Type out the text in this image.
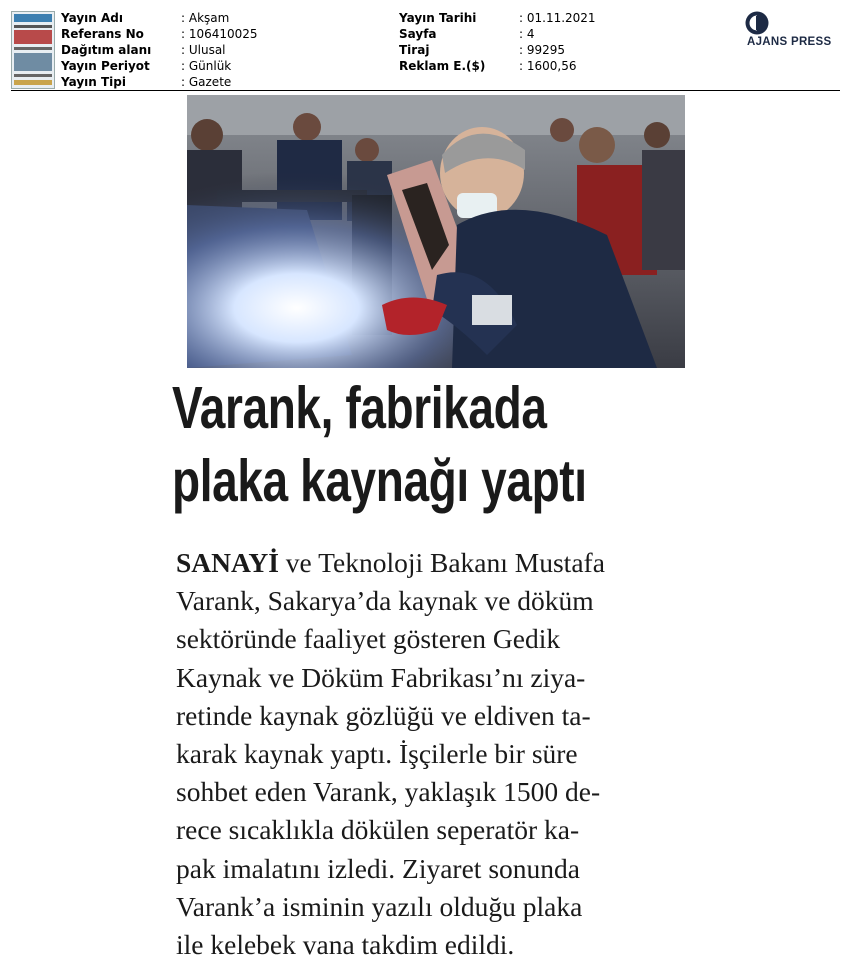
Yayın Adı	: Akşam
Referans No	: 106410025
Dağıtım alanı	: Ulusal
Yayın Periyot	: Günlük
Yayın Tipi	: Gazete
Yayın Tarihi	: 01.11.2021
Sayfa	: 4
Tiraj	: 99295
Reklam E.($)	: 1600,56
AJANS PRESS
Varank, fabrikada
plaka kaynağı yaptı
SANAYİ ve Teknoloji Bakanı Mustafa
Varank, Sakarya’da kaynak ve döküm
sektöründe faaliyet gösteren Gedik
Kaynak ve Döküm Fabrikası’nı ziya-
retinde kaynak gözlüğü ve eldiven ta-
karak kaynak yaptı. İşçilerle bir süre
sohbet eden Varank, yaklaşık 1500 de-
rece sıcaklıkla dökülen seperatör ka-
pak imalatını izledi. Ziyaret sonunda
Varank’a isminin yazılı olduğu plaka
ile kelebek vana takdim edildi.
